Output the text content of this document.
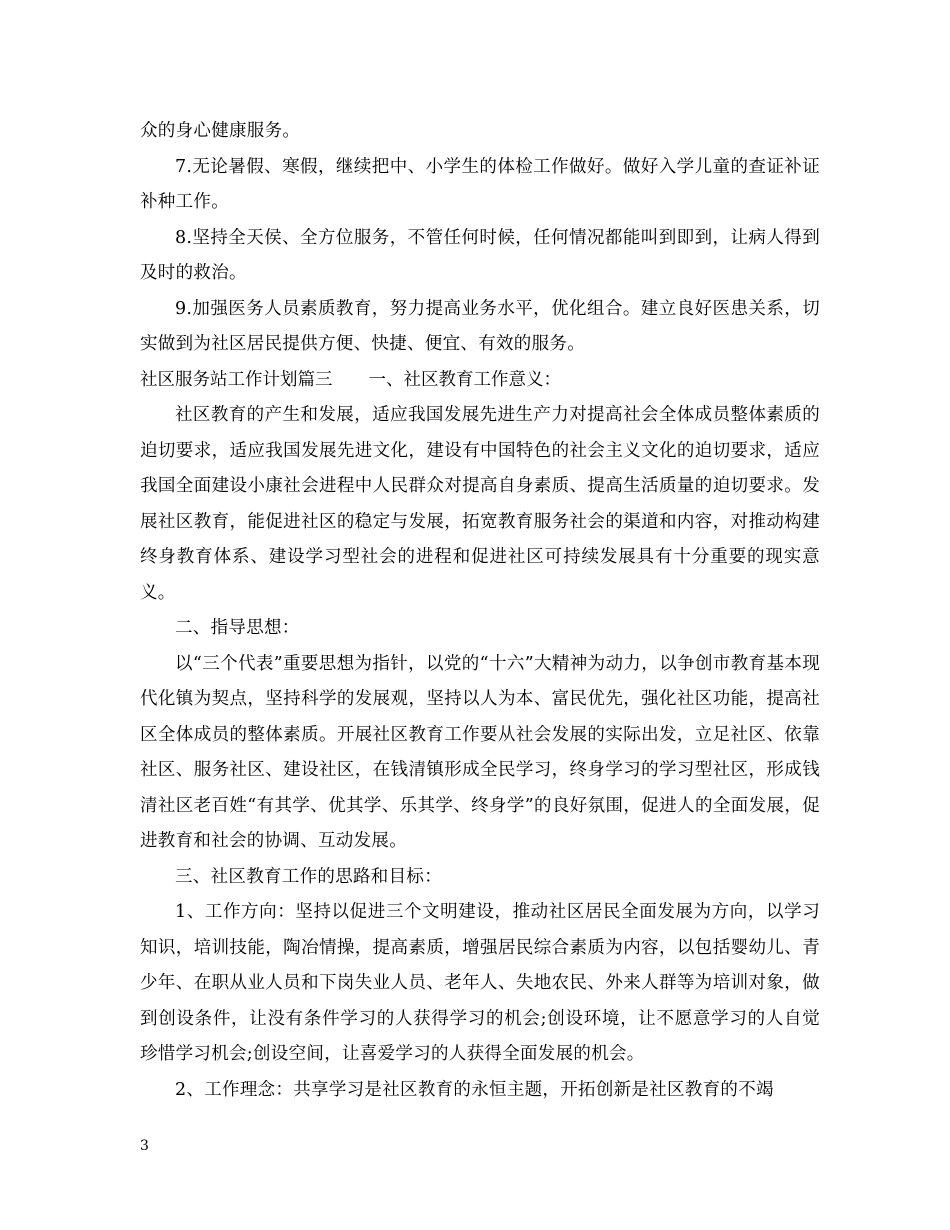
众的身心健康服务。

7.无论暑假、寒假，继续把中、小学生的体检工作做好。做好入学儿童的查证补证补种工作。

8.坚持全天侯、全方位服务，不管任何时候，任何情况都能叫到即到，让病人得到及时的救治。

9.加强医务人员素质教育，努力提高业务水平，优化组合。建立良好医患关系，切实做到为社区居民提供方便、快捷、便宜、有效的服务。

社区服务站工作计划篇三 一、社区教育工作意义：

社区教育的产生和发展，适应我国发展先进生产力对提高社会全体成员整体素质的迫切要求，适应我国发展先进文化，建设有中国特色的社会主义文化的迫切要求，适应我国全面建设小康社会进程中人民群众对提高自身素质、提高生活质量的迫切要求。发展社区教育，能促进社区的稳定与发展，拓宽教育服务社会的渠道和内容，对推动构建终身教育体系、建设学习型社会的进程和促进社区可持续发展具有十分重要的现实意义。

二、指导思想：

以“三个代表”重要思想为指针，以党的“十六”大精神为动力，以争创市教育基本现代化镇为契点，坚持科学的发展观，坚持以人为本、富民优先，强化社区功能，提高社区全体成员的整体素质。开展社区教育工作要从社会发展的实际出发，立足社区、依靠社区、服务社区、建设社区，在钱清镇形成全民学习，终身学习的学习型社区，形成钱清社区老百姓“有其学、优其学、乐其学、终身学”的良好氛围，促进人的全面发展，促进教育和社会的协调、互动发展。

三、社区教育工作的思路和目标：

1、工作方向：坚持以促进三个文明建设，推动社区居民全面发展为方向，以学习知识，培训技能，陶冶情操，提高素质，增强居民综合素质为内容，以包括婴幼儿、青少年、在职从业人员和下岗失业人员、老年人、失地农民、外来人群等为培训对象，做到创设条件，让没有条件学习的人获得学习的机会;创设环境，让不愿意学习的人自觉珍惜学习机会;创设空间，让喜爱学习的人获得全面发展的机会。

2、工作理念：共享学习是社区教育的永恒主题，开拓创新是社区教育的不竭

3
